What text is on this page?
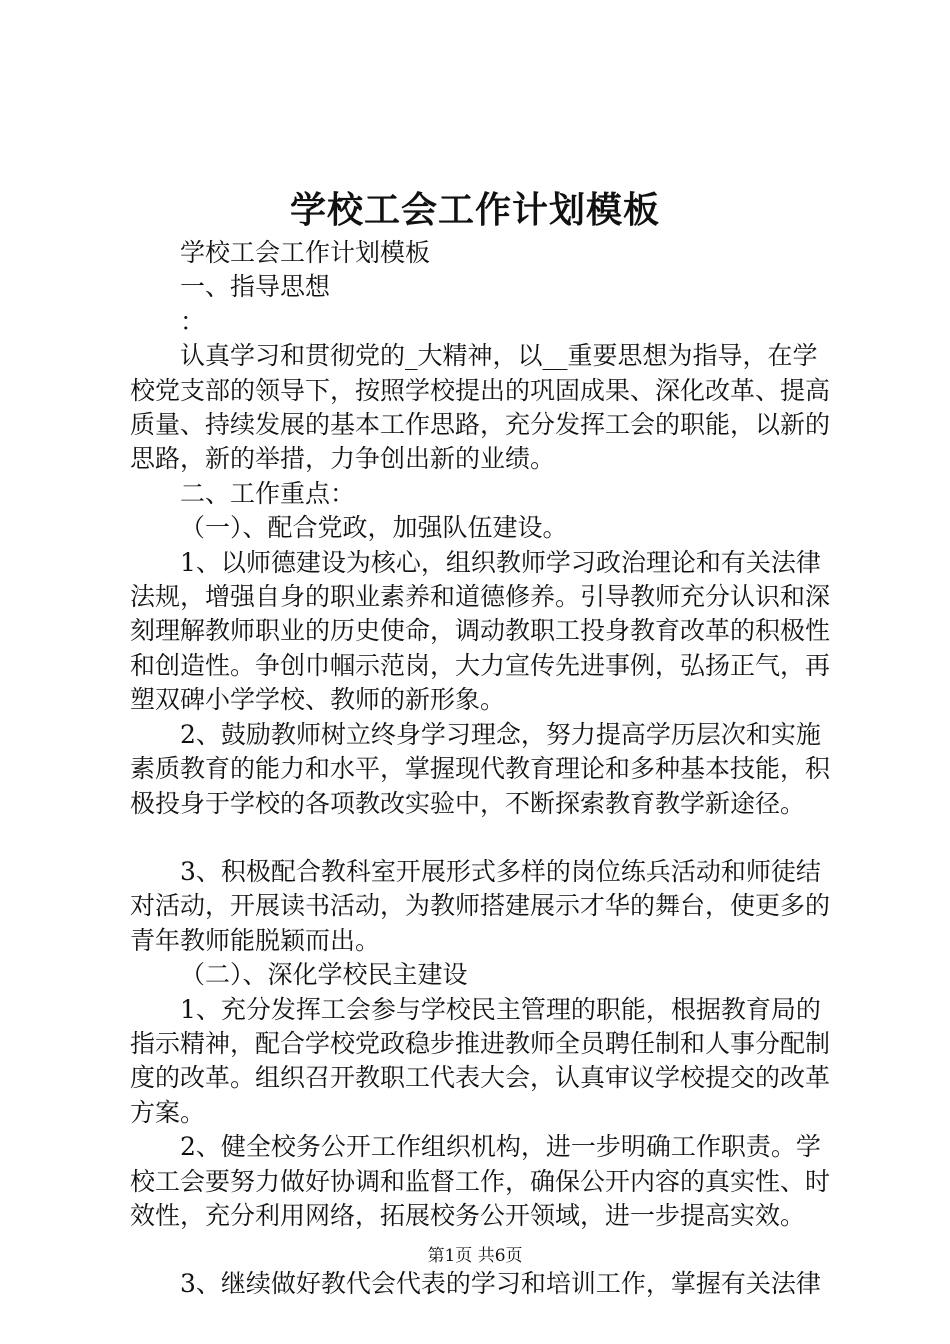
学校工会工作计划模板

学校工会工作计划模板

一、指导思想

：

认真学习和贯彻党的_大精神，以__重要思想为指导，在学校党支部的领导下，按照学校提出的巩固成果、深化改革、提高质量、持续发展的基本工作思路，充分发挥工会的职能，以新的思路，新的举措，力争创出新的业绩。

二、工作重点：

（一）、配合党政，加强队伍建设。

1、以师德建设为核心，组织教师学习政治理论和有关法律法规，增强自身的职业素养和道德修养。引导教师充分认识和深刻理解教师职业的历史使命，调动教职工投身教育改革的积极性和创造性。争创巾帼示范岗，大力宣传先进事例，弘扬正气，再塑双碑小学学校、教师的新形象。

2、鼓励教师树立终身学习理念，努力提高学历层次和实施素质教育的能力和水平，掌握现代教育理论和多种基本技能，积极投身于学校的各项教改实验中，不断探索教育教学新途径。

3、积极配合教科室开展形式多样的岗位练兵活动和师徒结对活动，开展读书活动，为教师搭建展示才华的舞台，使更多的青年教师能脱颖而出。

（二）、深化学校民主建设

1、充分发挥工会参与学校民主管理的职能，根据教育局的指示精神，配合学校党政稳步推进教师全员聘任制和人事分配制度的改革。组织召开教职工代表大会，认真审议学校提交的改革方案。

2、健全校务公开工作组织机构，进一步明确工作职责。学校工会要努力做好协调和监督工作，确保公开内容的真实性、时效性，充分利用网络，拓展校务公开领域，进一步提高实效。

3、继续做好教代会代表的学习和培训工作，掌握有关法律

第1页 共6页
